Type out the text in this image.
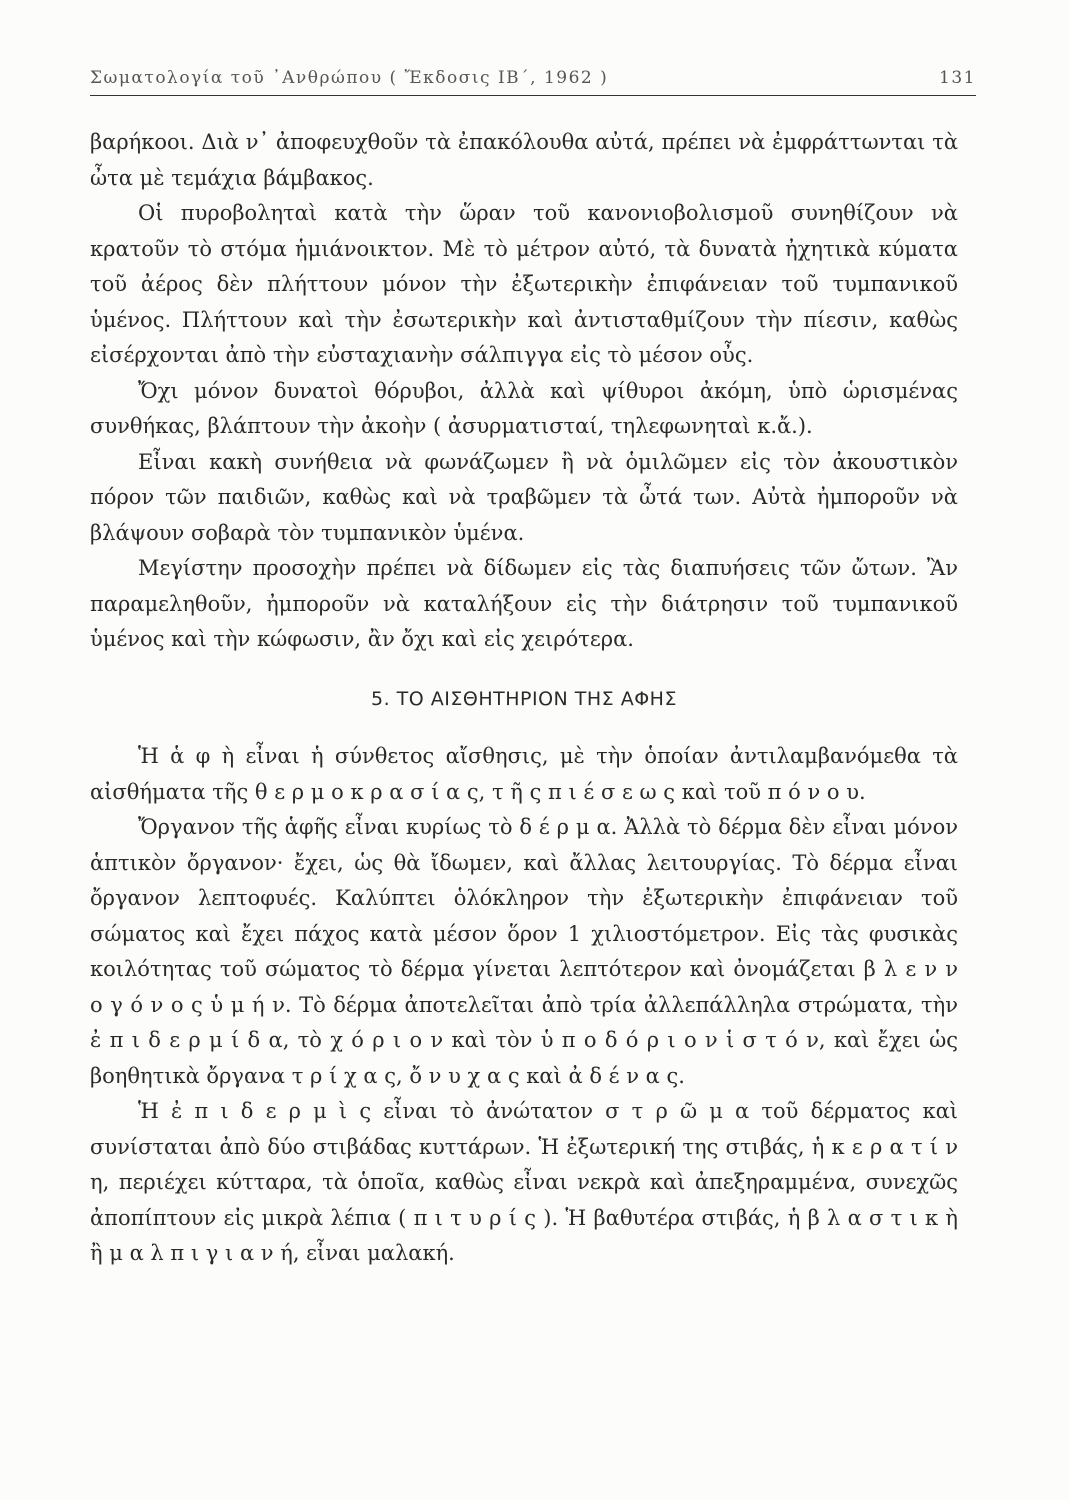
Σωματολογία τοῦ ᾿Ανθρώπου ( Ἔκδοσις ΙΒ΄, 1962 )	131

βαρήκοοι. Διὰ ν᾿ ἀποφευχθοῦν τὰ ἐπακόλουθα αὐτά, πρέπει νὰ ἐμφράττωνται τὰ ὦτα μὲ τεμάχια βάμβακος.

Οἱ πυροβοληταὶ κατὰ τὴν ὥραν τοῦ κανονιοβολισμοῦ συνηθίζουν νὰ κρατοῦν τὸ στόμα ἡμιάνοικτον. Μὲ τὸ μέτρον αὐτό, τὰ δυνατὰ ἠχητικὰ κύματα τοῦ ἀέρος δὲν πλήττουν μόνον τὴν ἐξωτερικὴν ἐπιφάνειαν τοῦ τυμπανικοῦ ὑμένος. Πλήττουν καὶ τὴν ἐσωτερικὴν καὶ ἀντισταθμίζουν τὴν πίεσιν, καθὼς εἰσέρχονται ἀπὸ τὴν εὐσταχιανὴν σάλπιγγα εἰς τὸ μέσον οὖς.

Ὄχι μόνον δυνατοὶ θόρυβοι, ἀλλὰ καὶ ψίθυροι ἀκόμη, ὑπὸ ὡρισμένας συνθήκας, βλάπτουν τὴν ἀκοὴν ( ἀσυρματισταί, τηλεφωνηταὶ κ.ἄ.).

Εἶναι κακὴ συνήθεια νὰ φωνάζωμεν ἢ νὰ ὁμιλῶμεν εἰς τὸν ἀκουστικὸν πόρον τῶν παιδιῶν, καθὼς καὶ νὰ τραβῶμεν τὰ ὦτά των. Αὐτὰ ἠμποροῦν νὰ βλάψουν σοβαρὰ τὸν τυμπανικὸν ὑμένα.

Μεγίστην προσοχὴν πρέπει νὰ δίδωμεν εἰς τὰς διαπυήσεις τῶν ὤτων. Ἂν παραμεληθοῦν, ἠμποροῦν νὰ καταλήξουν εἰς τὴν διάτρησιν τοῦ τυμπανικοῦ ὑμένος καὶ τὴν κώφωσιν, ἂν ὄχι καὶ εἰς χειρότερα.

5. ΤΟ ΑΙΣΘΗΤΗΡΙΟΝ ΤΗΣ ΑΦΗΣ

Ἡ ἁ φ ὴ εἶναι ἡ σύνθετος αἴσθησις, μὲ τὴν ὁποίαν ἀντιλαμβανόμεθα τὰ αἰσθήματα τῆς θ ε ρ μ ο κ ρ α σ ί α ς, τ ῆ ς π ι έ σ ε ω ς καὶ τοῦ π ό ν ο υ.

Ὄργανον τῆς ἁφῆς εἶναι κυρίως τὸ δ έ ρ μ α. Ἀλλὰ τὸ δέρμα δὲν εἶναι μόνον ἁπτικὸν ὄργανον· ἔχει, ὡς θὰ ἴδωμεν, καὶ ἄλλας λειτουργίας. Τὸ δέρμα εἶναι ὄργανον λεπτοφυές. Καλύπτει ὁλόκληρον τὴν ἐξωτερικὴν ἐπιφάνειαν τοῦ σώματος καὶ ἔχει πάχος κατὰ μέσον ὅρον 1 χιλιοστόμετρον. Εἰς τὰς φυσικὰς κοιλότητας τοῦ σώματος τὸ δέρμα γίνεται λεπτότερον καὶ ὀνομάζεται β λ ε ν ν ο γ ό ν ο ς ὑ μ ή ν. Τὸ δέρμα ἀποτελεῖται ἀπὸ τρία ἀλλεπάλληλα στρώματα, τὴν ἐ π ι δ ε ρ μ ί δ α, τὸ χ ό ρ ι ο ν καὶ τὸν ὑ π ο δ ό ρ ι ο ν ἱ σ τ ό ν, καὶ ἔχει ὡς βοηθητικὰ ὄργανα τ ρ ί χ α ς, ὄ ν υ χ α ς καὶ ἀ δ έ ν α ς.

Ἡ ἐ π ι δ ε ρ μ ὶ ς εἶναι τὸ ἀνώτατον σ τ ρ ῶ μ α τοῦ δέρματος καὶ συνίσταται ἀπὸ δύο στιβάδας κυττάρων. Ἡ ἐξωτερική της στιβάς, ἡ κ ε ρ α τ ί ν η, περιέχει κύτταρα, τὰ ὁποῖα, καθὼς εἶναι νεκρὰ καὶ ἀπεξηραμμένα, συνεχῶς ἀποπίπτουν εἰς μικρὰ λέπια ( π ι τ υ ρ ί ς ). Ἡ βαθυτέρα στιβάς, ἡ β λ α σ τ ι κ ὴ ἢ μ α λ π ι γ ι α ν ή, εἶναι μαλακή.
